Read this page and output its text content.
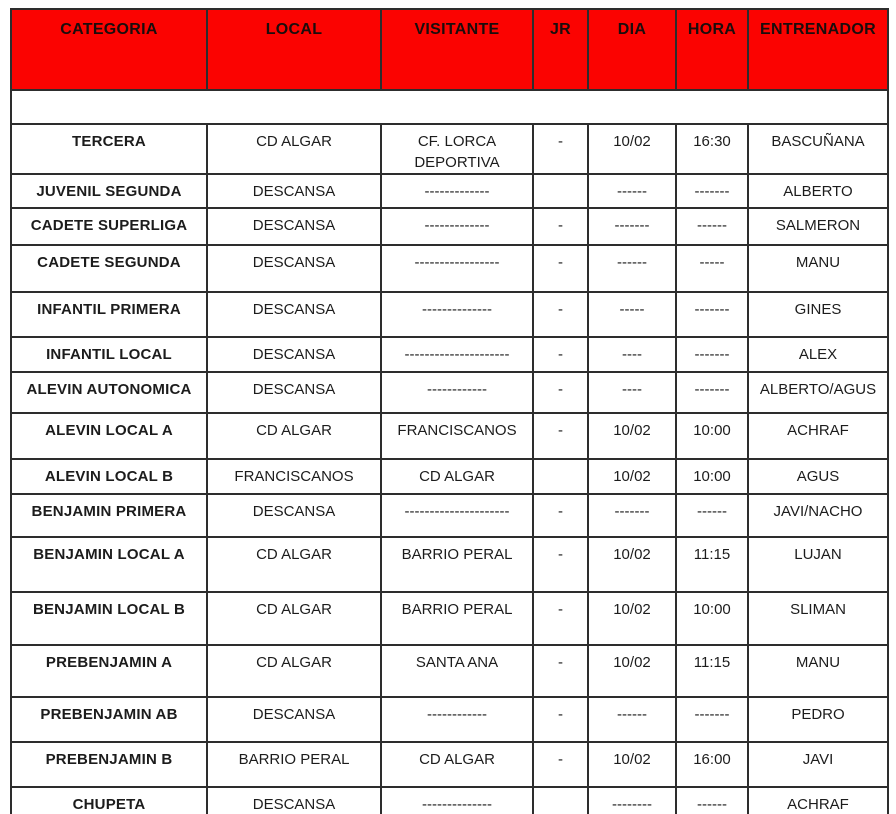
CATEGORIA	LOCAL	VISITANTE	JR	DIA	HORA	ENTRENADOR

TERCERA	CD ALGAR	CF. LORCA DEPORTIVA	-	10/02	16:30	BASCUÑANA
JUVENIL SEGUNDA	DESCANSA	-------------		------	-------	ALBERTO
CADETE SUPERLIGA	DESCANSA	-------------	-	-------	------	SALMERON
CADETE SEGUNDA	DESCANSA	-----------------	-	------	-----	MANU
INFANTIL PRIMERA	DESCANSA	--------------	-	-----	-------	GINES
INFANTIL LOCAL	DESCANSA	---------------------	-	----	-------	ALEX
ALEVIN AUTONOMICA	DESCANSA	------------	-	----	-------	ALBERTO/AGUS
ALEVIN LOCAL A	CD ALGAR	FRANCISCANOS	-	10/02	10:00	ACHRAF
ALEVIN LOCAL B	FRANCISCANOS	CD ALGAR		10/02	10:00	AGUS
BENJAMIN PRIMERA	DESCANSA	---------------------	-	-------	------	JAVI/NACHO
BENJAMIN LOCAL A	CD ALGAR	BARRIO PERAL	-	10/02	11:15	LUJAN
BENJAMIN LOCAL B	CD ALGAR	BARRIO PERAL	-	10/02	10:00	SLIMAN
PREBENJAMIN A	CD ALGAR	SANTA ANA	-	10/02	11:15	MANU
PREBENJAMIN AB	DESCANSA	------------	-	------	-------	PEDRO
PREBENJAMIN B	BARRIO PERAL	CD ALGAR	-	10/02	16:00	JAVI
CHUPETA	DESCANSA	--------------		--------	------	ACHRAF
